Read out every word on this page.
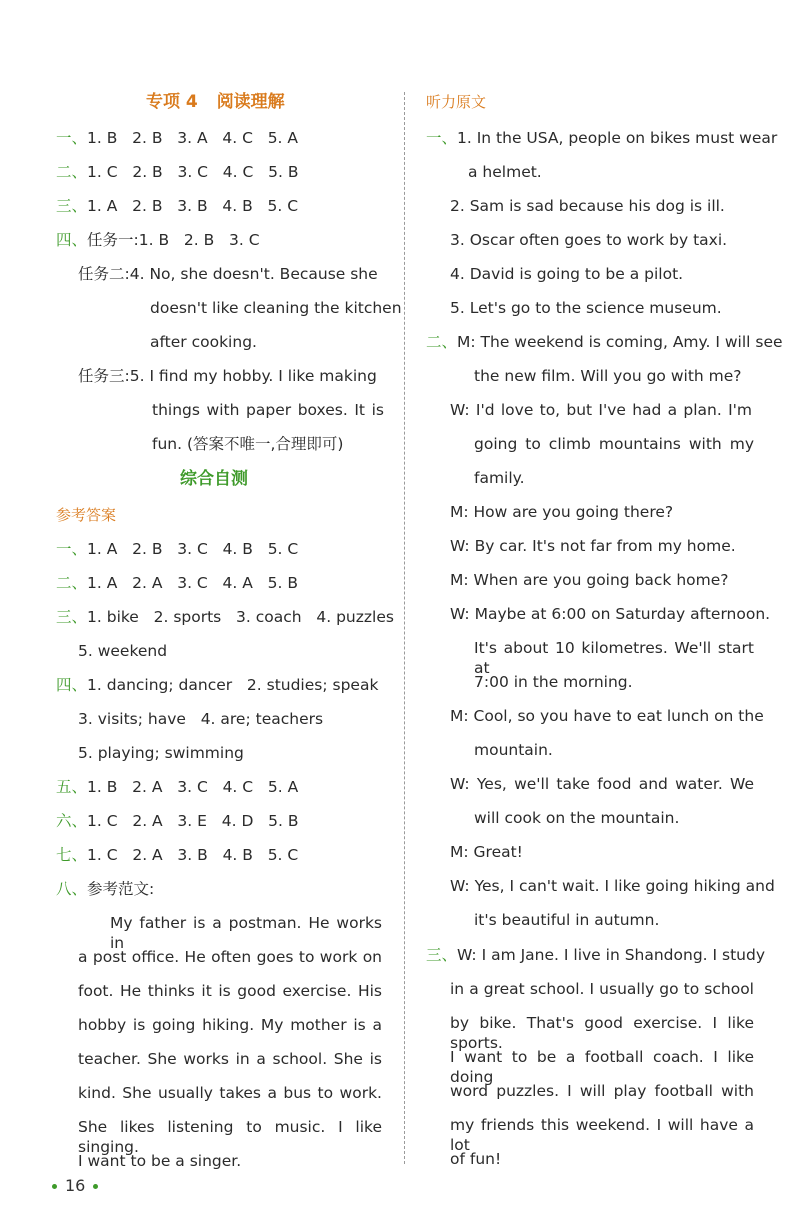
专项 4 阅读理解
一、1. B   2. B   3. A   4. C   5. A
二、1. C   2. B   3. C   4. C   5. B
三、1. A   2. B   3. B   4. B   5. C
四、任务一:1. B   2. B   3. C
任务二:4. No, she doesn't. Because she
doesn't like cleaning the kitchen
after cooking.
任务三:5. I find my hobby. I like making
things with paper boxes. It is
fun. (答案不唯一,合理即可)
综合自测
参考答案
一、1. A   2. B   3. C   4. B   5. C
二、1. A   2. A   3. C   4. A   5. B
三、1. bike   2. sports   3. coach   4. puzzles
5. weekend
四、1. dancing; dancer   2. studies; speak
3. visits; have   4. are; teachers
5. playing; swimming
五、1. B   2. A   3. C   4. C   5. A
六、1. C   2. A   3. E   4. D   5. B
七、1. C   2. A   3. B   4. B   5. C
八、参考范文:
My father is a postman. He works in
a post office. He often goes to work on
foot. He thinks it is good exercise. His
hobby is going hiking. My mother is a
teacher. She works in a school. She is
kind. She usually takes a bus to work.
She likes listening to music. I like singing.
I want to be a singer.
听力原文
一、1. In the USA, people on bikes must wear
a helmet.
2. Sam is sad because his dog is ill.
3. Oscar often goes to work by taxi.
4. David is going to be a pilot.
5. Let's go to the science museum.
二、M: The weekend is coming, Amy. I will see
the new film. Will you go with me?
W: I'd love to, but I've had a plan. I'm
going to climb mountains with my
family.
M: How are you going there?
W: By car. It's not far from my home.
M: When are you going back home?
W: Maybe at 6:00 on Saturday afternoon.
It's about 10 kilometres. We'll start at
7:00 in the morning.
M: Cool, so you have to eat lunch on the
mountain.
W: Yes, we'll take food and water. We
will cook on the mountain.
M: Great!
W: Yes, I can't wait. I like going hiking and
it's beautiful in autumn.
三、W: I am Jane. I live in Shandong. I study
in a great school. I usually go to school
by bike. That's good exercise. I like sports.
I want to be a football coach. I like doing
word puzzles. I will play football with
my friends this weekend. I will have a lot
of fun!
16
